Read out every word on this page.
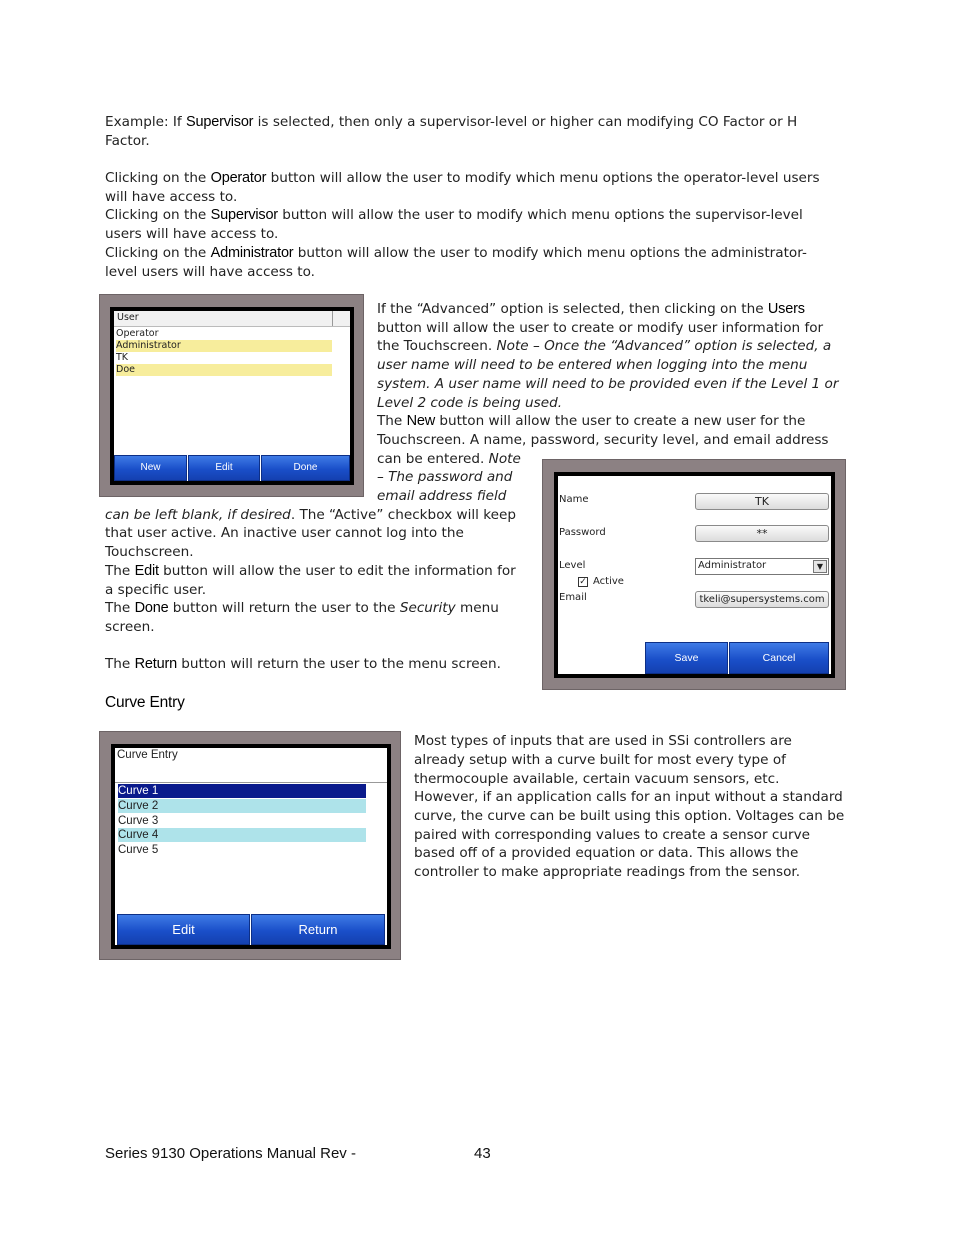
Example: If Supervisor is selected, then only a supervisor-level or higher can modifying CO Factor or H
Factor.
Clicking on the Operator button will allow the user to modify which menu options the operator-level users
will have access to.
Clicking on the Supervisor button will allow the user to modify which menu options the supervisor-level
users will have access to.
Clicking on the Administrator button will allow the user to modify which menu options the administrator-
level users will have access to.
User
Operator
Administrator
TK
Doe
New	Edit	Done
If the “Advanced” option is selected, then clicking on the Users
button will allow the user to create or modify user information for
the Touchscreen. Note – Once the “Advanced” option is selected, a
user name will need to be entered when logging into the menu
system. A user name will need to be provided even if the Level 1 or
Level 2 code is being used.
The New button will allow the user to create a new user for the
Touchscreen. A name, password, security level, and email address
can be entered. Note
– The password and
email address field
can be left blank, if desired. The “Active” checkbox will keep
that user active. An inactive user cannot log into the
Touchscreen.
The Edit button will allow the user to edit the information for
a specific user.
The Done button will return the user to the Security menu
screen.
The Return button will return the user to the menu screen.
Name	TK
Password	**
Level	Administrator	▼
✓ Active
Email	tkeli@supersystems.com
Save	Cancel
Curve Entry
Curve Entry
Curve 1
Curve 2
Curve 3
Curve 4
Curve 5
Edit	Return
Most types of inputs that are used in SSi controllers are
already setup with a curve built for most every type of
thermocouple available, certain vacuum sensors, etc.
However, if an application calls for an input without a standard
curve, the curve can be built using this option. Voltages can be
paired with corresponding values to create a sensor curve
based off of a provided equation or data. This allows the
controller to make appropriate readings from the sensor.
Series 9130 Operations Manual Rev -	43
